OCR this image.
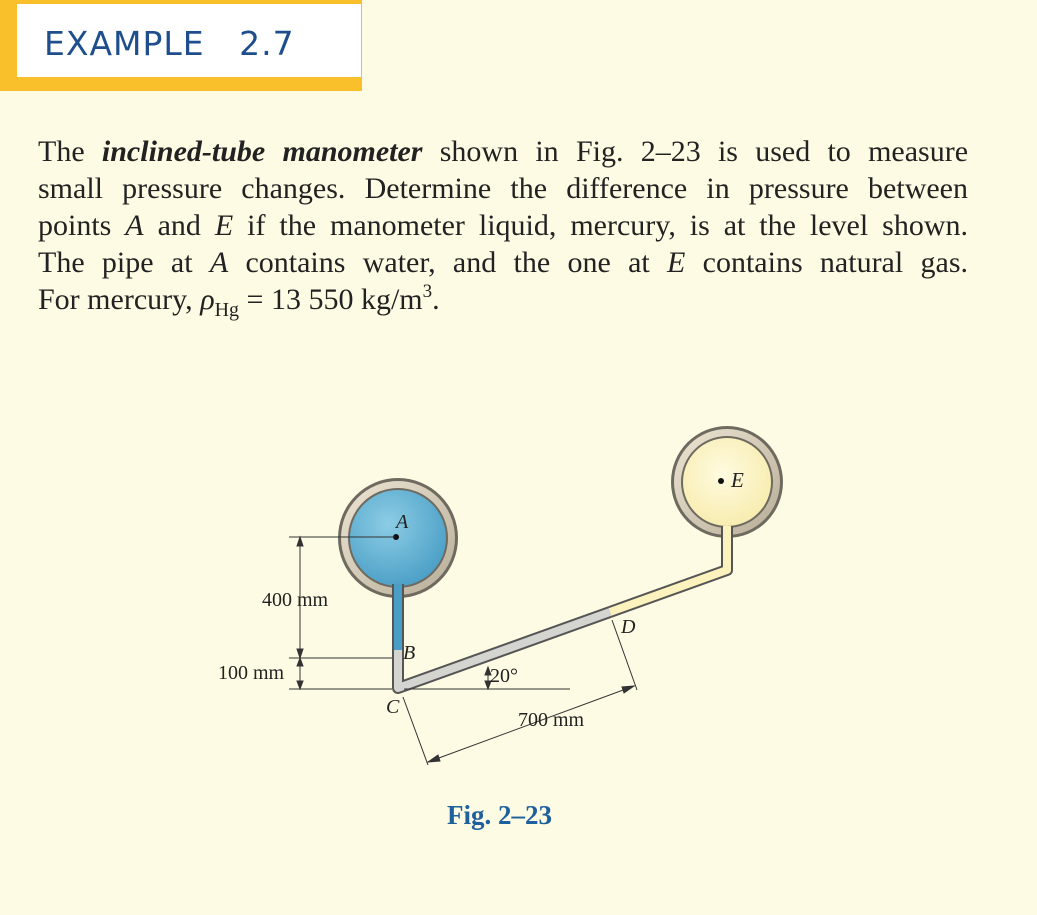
EXAMPLE   2.7

The inclined-tube manometer shown in Fig. 2–23 is used to measure
small pressure changes. Determine the difference in pressure between
points A and E if the manometer liquid, mercury, is at the level shown.
The pipe at A contains water, and the one at E contains natural gas.
For mercury, $\rho_{Hg} = 13$ 550 $kg/m^3$.
A
B
C
D
E
400 mm
100 mm	20°
700 mm

Fig. 2–23
